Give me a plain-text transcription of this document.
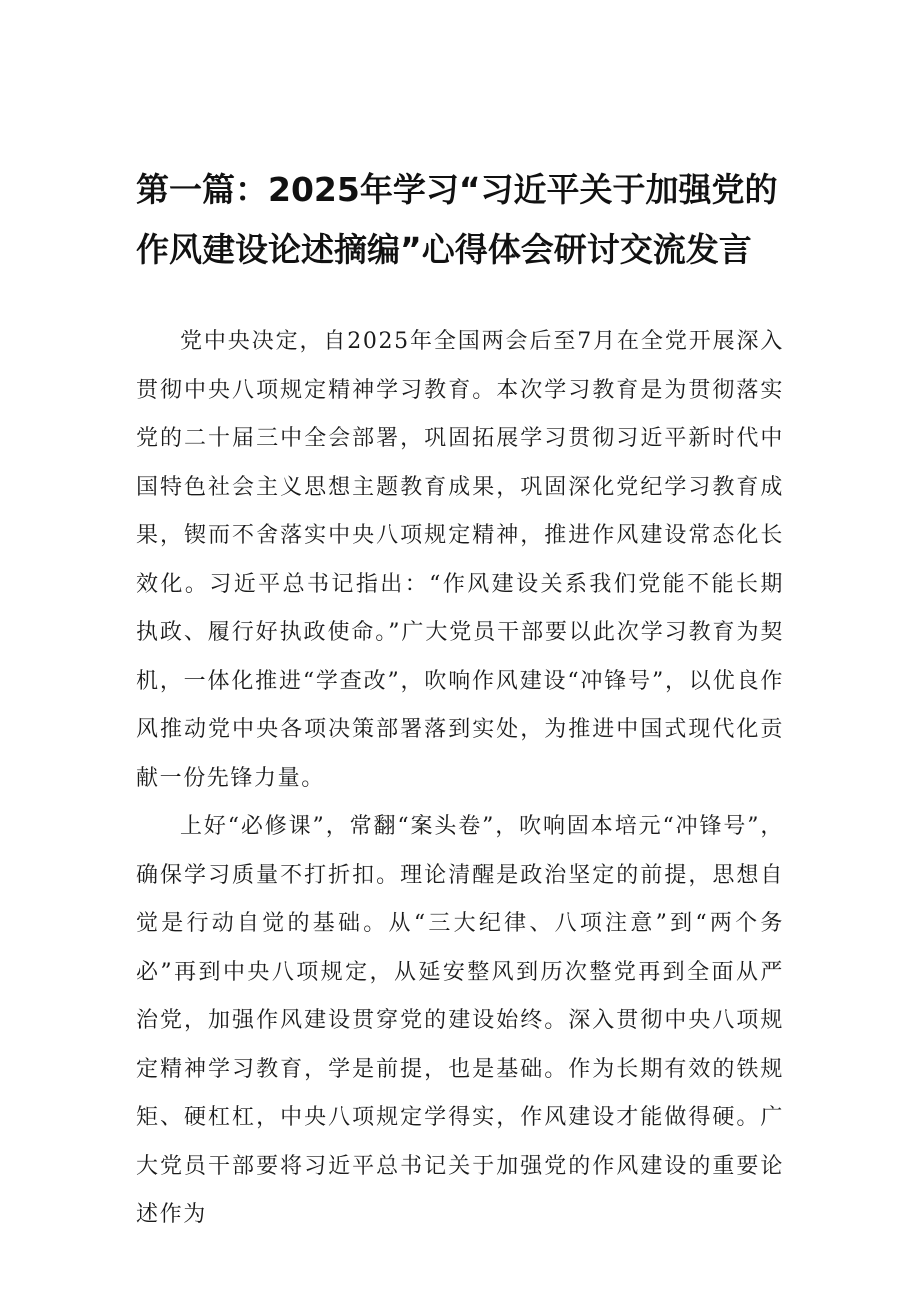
第一篇：2025年学习“习近平关于加强党的作风建设论述摘编”心得体会研讨交流发言

党中央决定，自2025年全国两会后至7月在全党开展深入贯彻中央八项规定精神学习教育。本次学习教育是为贯彻落实党的二十届三中全会部署，巩固拓展学习贯彻习近平新时代中国特色社会主义思想主题教育成果，巩固深化党纪学习教育成果，锲而不舍落实中央八项规定精神，推进作风建设常态化长效化。习近平总书记指出：“作风建设关系我们党能不能长期执政、履行好执政使命。”广大党员干部要以此次学习教育为契机，一体化推进“学查改”，吹响作风建设“冲锋号”，以优良作风推动党中央各项决策部署落到实处，为推进中国式现代化贡献一份先锋力量。

上好“必修课”，常翻“案头卷”，吹响固本培元“冲锋号”，确保学习质量不打折扣。理论清醒是政治坚定的前提，思想自觉是行动自觉的基础。从“三大纪律、八项注意”到“两个务必”再到中央八项规定，从延安整风到历次整党再到全面从严治党，加强作风建设贯穿党的建设始终。深入贯彻中央八项规定精神学习教育，学是前提，也是基础。作为长期有效的铁规矩、硬杠杠，中央八项规定学得实，作风建设才能做得硬。广大党员干部要将习近平总书记关于加强党的作风建设的重要论述作为
